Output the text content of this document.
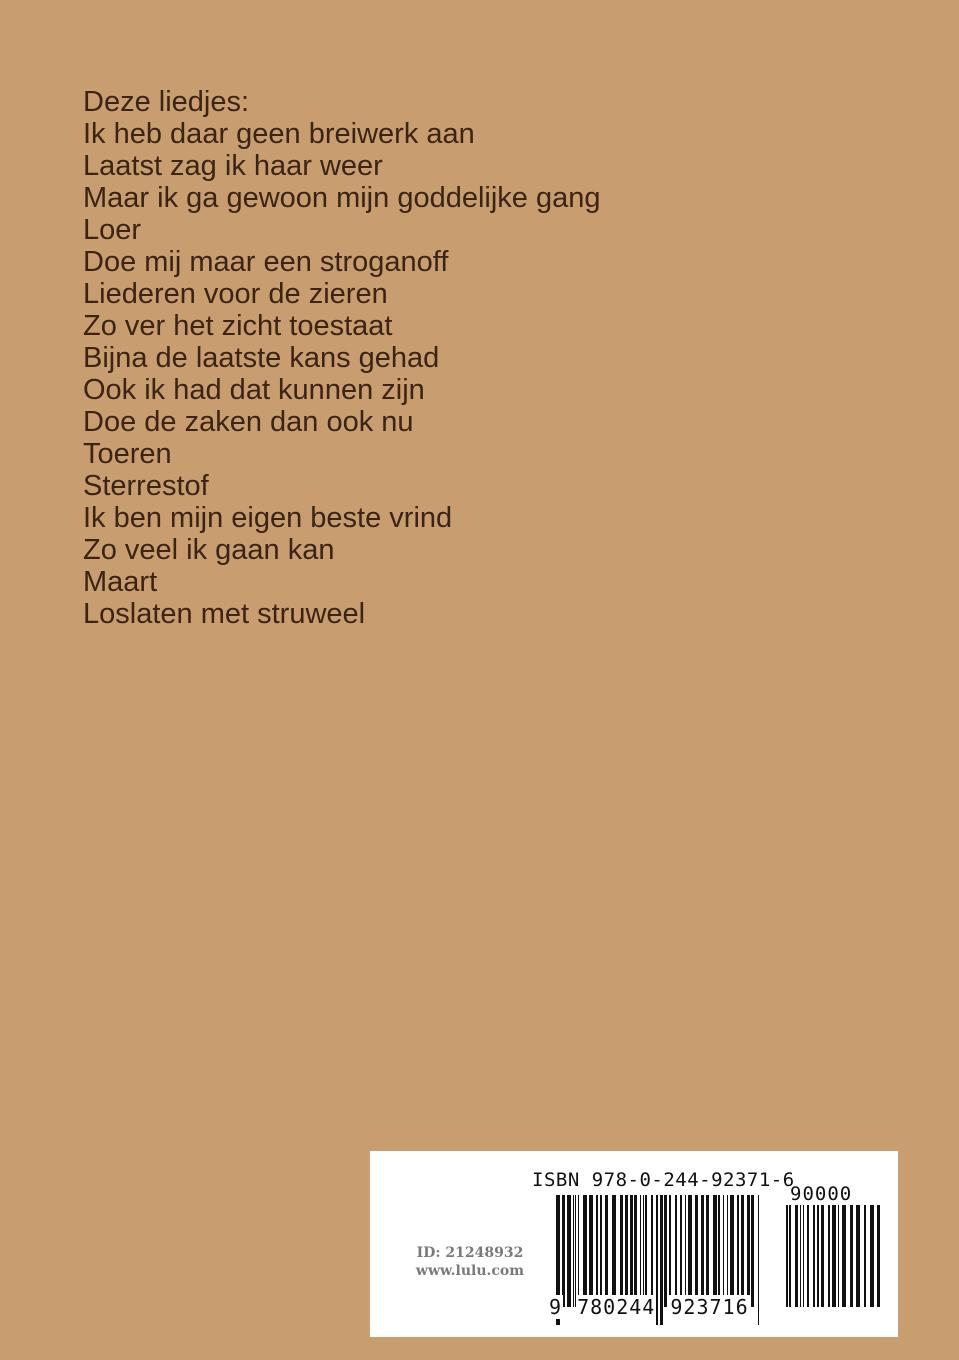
Deze liedjes:

Ik heb daar geen breiwerk aan
Laatst zag ik haar weer
Maar ik ga gewoon mijn goddelijke gang
Loer
Doe mij maar een stroganoff
Liederen voor de zieren
Zo ver het zicht toestaat
Bijna de laatste kans gehad
Ook ik had dat kunnen zijn
Doe de zaken dan ook nu
Toeren
Sterrestof
Ik ben mijn eigen beste vrind
Zo veel ik gaan kan
Maart
Loslaten met struweel
ID: 21248932
www.lulu.com
ISBN 978-0-244-92371-6
90000
9 780244 923716
